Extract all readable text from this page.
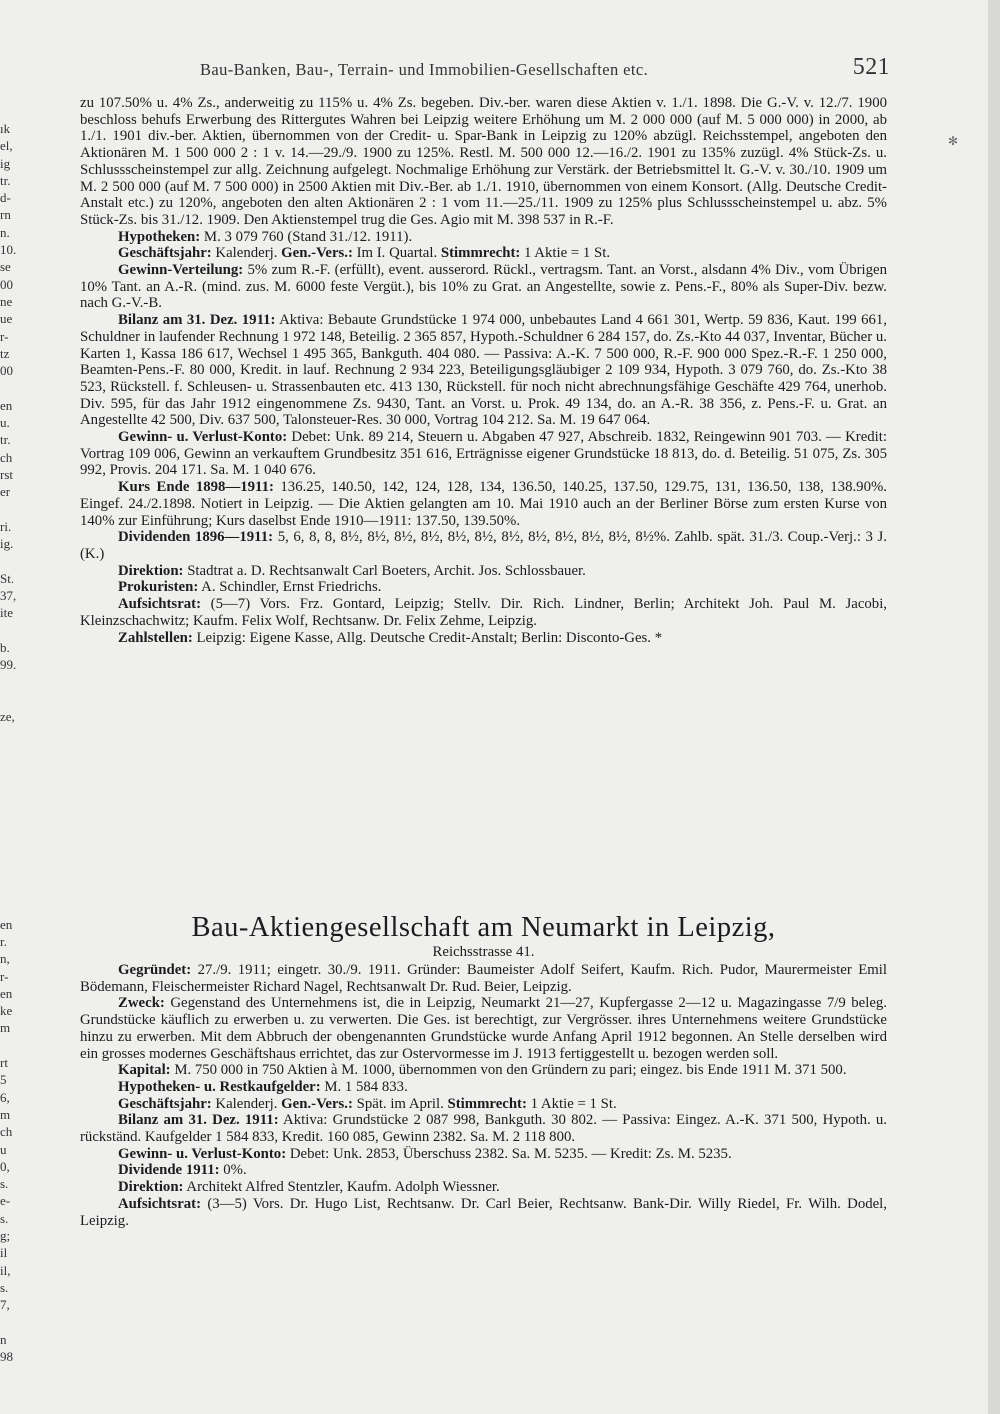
ık
el,
ig
tr.
d-
rn
n.
10.
se
00
ne
ue
r-
tz
00
en
u.
tr.
ch
rst
er
ri.
ig.
St.
37,
ite
b.
99.
ze,
en
r.
n,
r-
en
ke
m
rt
5
6,
m
ch
u
0,
s.
e-
s.
g;
il
il,
s.
7,
n
98
✻
Bau-Banken, Bau-, Terrain- und Immobilien-Gesellschaften etc.	521

zu 107.50% u. 4% Zs., anderweitig zu 115% u. 4% Zs. begeben. Div.-ber. waren diese Aktien v. 1./1. 1898. Die G.-V. v. 12./7. 1900 beschloss behufs Erwerbung des Rittergutes Wahren bei Leipzig weitere Erhöhung um M. 2 000 000 (auf M. 5 000 000) in 2000, ab 1./1. 1901 div.-ber. Aktien, übernommen von der Credit- u. Spar-Bank in Leipzig zu 120% abzügl. Reichsstempel, angeboten den Aktionären M. 1 500 000 2 : 1 v. 14.—29./9. 1900 zu 125%. Restl. M. 500 000 12.—16./2. 1901 zu 135% zuzügl. 4% Stück-Zs. u. Schlussscheinstempel zur allg. Zeichnung aufgelegt. Nochmalige Erhöhung zur Verstärk. der Betriebsmittel lt. G.-V. v. 30./10. 1909 um M. 2 500 000 (auf M. 7 500 000) in 2500 Aktien mit Div.-Ber. ab 1./1. 1910, übernommen von einem Konsort. (Allg. Deutsche Credit-Anstalt etc.) zu 120%, angeboten den alten Aktionären 2 : 1 vom 11.—25./11. 1909 zu 125% plus Schlussscheinstempel u. abz. 5% Stück-Zs. bis 31./12. 1909. Den Aktienstempel trug die Ges. Agio mit M. 398 537 in R.-F.

Hypotheken: M. 3 079 760 (Stand 31./12. 1911).

Geschäftsjahr: Kalenderj. Gen.-Vers.: Im I. Quartal. Stimmrecht: 1 Aktie = 1 St.

Gewinn-Verteilung: 5% zum R.-F. (erfüllt), event. ausserord. Rückl., vertragsm. Tant. an Vorst., alsdann 4% Div., vom Übrigen 10% Tant. an A.-R. (mind. zus. M. 6000 feste Vergüt.), bis 10% zu Grat. an Angestellte, sowie z. Pens.-F., 80% als Super-Div. bezw. nach G.-V.-B.

Bilanz am 31. Dez. 1911: Aktiva: Bebaute Grundstücke 1 974 000, unbebautes Land 4 661 301, Wertp. 59 836, Kaut. 199 661, Schuldner in laufender Rechnung 1 972 148, Beteilig. 2 365 857, Hypoth.-Schuldner 6 284 157, do. Zs.-Kto 44 037, Inventar, Bücher u. Karten 1, Kassa 186 617, Wechsel 1 495 365, Bankguth. 404 080. — Passiva: A.-K. 7 500 000, R.-F. 900 000 Spez.-R.-F. 1 250 000, Beamten-Pens.-F. 80 000, Kredit. in lauf. Rechnung 2 934 223, Beteiligungsgläubiger 2 109 934, Hypoth. 3 079 760, do. Zs.-Kto 38 523, Rückstell. f. Schleusen- u. Strassenbauten etc. 413 130, Rückstell. für noch nicht abrechnungsfähige Geschäfte 429 764, unerhob. Div. 595, für das Jahr 1912 eingenommene Zs. 9430, Tant. an Vorst. u. Prok. 49 134, do. an A.-R. 38 356, z. Pens.-F. u. Grat. an Angestellte 42 500, Div. 637 500, Talonsteuer-Res. 30 000, Vortrag 104 212. Sa. M. 19 647 064.

Gewinn- u. Verlust-Konto: Debet: Unk. 89 214, Steuern u. Abgaben 47 927, Abschreib. 1832, Reingewinn 901 703. — Kredit: Vortrag 109 006, Gewinn an verkauftem Grundbesitz 351 616, Erträgnisse eigener Grundstücke 18 813, do. d. Beteilig. 51 075, Zs. 305 992, Provis. 204 171. Sa. M. 1 040 676.

Kurs Ende 1898—1911: 136.25, 140.50, 142, 124, 128, 134, 136.50, 140.25, 137.50, 129.75, 131, 136.50, 138, 138.90%. Eingef. 24./2.1898. Notiert in Leipzig. — Die Aktien gelangten am 10. Mai 1910 auch an der Berliner Börse zum ersten Kurse von 140% zur Einführung; Kurs daselbst Ende 1910—1911: 137.50, 139.50%.

Dividenden 1896—1911: 5, 6, 8, 8, 8½, 8½, 8½, 8½, 8½, 8½, 8½, 8½, 8½, 8½, 8½, 8½%. Zahlb. spät. 31./3. Coup.-Verj.: 3 J. (K.)

Direktion: Stadtrat a. D. Rechtsanwalt Carl Boeters, Archit. Jos. Schlossbauer.

Prokuristen: A. Schindler, Ernst Friedrichs.

Aufsichtsrat: (5—7) Vors. Frz. Gontard, Leipzig; Stellv. Dir. Rich. Lindner, Berlin; Architekt Joh. Paul M. Jacobi, Kleinzschachwitz; Kaufm. Felix Wolf, Rechtsanw. Dr. Felix Zehme, Leipzig.

Zahlstellen: Leipzig: Eigene Kasse, Allg. Deutsche Credit-Anstalt; Berlin: Disconto-Ges. *

Bau-Aktiengesellschaft am Neumarkt in Leipzig,
Reichsstrasse 41.

Gegründet: 27./9. 1911; eingetr. 30./9. 1911. Gründer: Baumeister Adolf Seifert, Kaufm. Rich. Pudor, Maurermeister Emil Bödemann, Fleischermeister Richard Nagel, Rechtsanwalt Dr. Rud. Beier, Leipzig.

Zweck: Gegenstand des Unternehmens ist, die in Leipzig, Neumarkt 21—27, Kupfergasse 2—12 u. Magazingasse 7/9 beleg. Grundstücke käuflich zu erwerben u. zu verwerten. Die Ges. ist berechtigt, zur Vergrösser. ihres Unternehmens weitere Grundstücke hinzu zu erwerben. Mit dem Abbruch der obengenannten Grundstücke wurde Anfang April 1912 begonnen. An Stelle derselben wird ein grosses modernes Geschäftshaus errichtet, das zur Ostervormesse im J. 1913 fertiggestellt u. bezogen werden soll.

Kapital: M. 750 000 in 750 Aktien à M. 1000, übernommen von den Gründern zu pari; eingez. bis Ende 1911 M. 371 500.

Hypotheken- u. Restkaufgelder: M. 1 584 833.

Geschäftsjahr: Kalenderj. Gen.-Vers.: Spät. im April. Stimmrecht: 1 Aktie = 1 St.

Bilanz am 31. Dez. 1911: Aktiva: Grundstücke 2 087 998, Bankguth. 30 802. — Passiva: Eingez. A.-K. 371 500, Hypoth. u. rückständ. Kaufgelder 1 584 833, Kredit. 160 085, Gewinn 2382. Sa. M. 2 118 800.

Gewinn- u. Verlust-Konto: Debet: Unk. 2853, Überschuss 2382. Sa. M. 5235. — Kredit: Zs. M. 5235.

Dividende 1911: 0%.

Direktion: Architekt Alfred Stentzler, Kaufm. Adolph Wiessner.

Aufsichtsrat: (3—5) Vors. Dr. Hugo List, Rechtsanw. Dr. Carl Beier, Rechtsanw. Bank-Dir. Willy Riedel, Fr. Wilh. Dodel, Leipzig.
